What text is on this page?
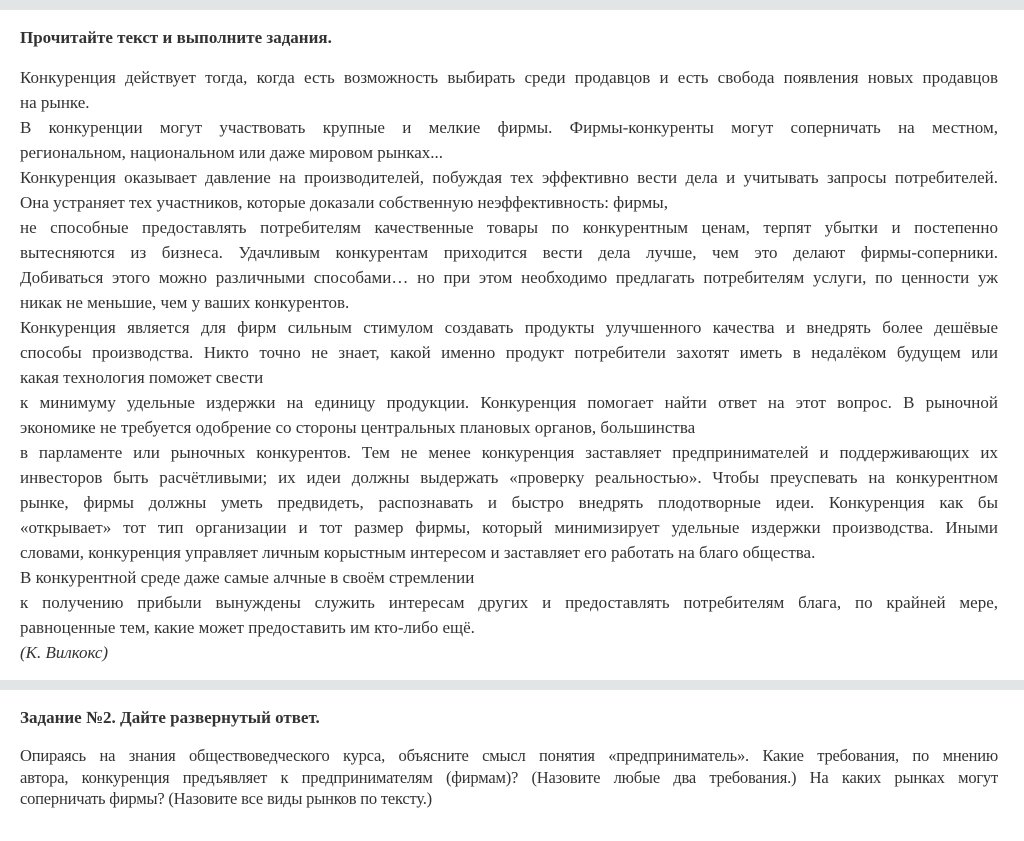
Прочитайте текст и выполните задания.
Конкуренция действует тогда, когда есть возможность выбирать среди продавцов и есть свобода появления новых продавцов
на рынке.
В конкуренции могут участвовать крупные и мелкие фирмы. Фирмы-конкуренты могут соперничать на местном,
региональном, национальном или даже мировом рынках...
Конкуренция оказывает давление на производителей, побуждая тех эффективно вести дела и учитывать запросы потребителей.
Она устраняет тех участников, которые доказали собственную неэффективность: фирмы,
не способные предоставлять потребителям качественные товары по конкурентным ценам, терпят убытки и постепенно
вытесняются из бизнеса. Удачливым конкурентам приходится вести дела лучше, чем это делают фирмы-соперники.
Добиваться этого можно различными способами… но при этом необходимо предлагать потребителям услуги, по ценности уж
никак не меньшие, чем у ваших конкурентов.
Конкуренция является для фирм сильным стимулом создавать продукты улучшенного качества и внедрять более дешёвые
способы производства. Никто точно не знает, какой именно продукт потребители захотят иметь в недалёком будущем или
какая технология поможет свести
к минимуму удельные издержки на единицу продукции. Конкуренция помогает найти ответ на этот вопрос. В рыночной
экономике не требуется одобрение со стороны центральных плановых органов, большинства
в парламенте или рыночных конкурентов. Тем не менее конкуренция заставляет предпринимателей и поддерживающих их
инвесторов быть расчётливыми; их идеи должны выдержать «проверку реальностью». Чтобы преуспевать на конкурентном
рынке, фирмы должны уметь предвидеть, распознавать и быстро внедрять плодотворные идеи. Конкуренция как бы
«открывает» тот тип организации и тот размер фирмы, который минимизирует удельные издержки производства. Иными
словами, конкуренция управляет личным корыстным интересом и заставляет его работать на благо общества.
В конкурентной среде даже самые алчные в своём стремлении
к получению прибыли вынуждены служить интересам других и предоставлять потребителям блага, по крайней мере,
равноценные тем, какие может предоставить им кто-либо ещё.
(К. Вилкокс)
Задание №2. Дайте развернутый ответ.
Опираясь на знания обществоведческого курса, объясните смысл понятия «предприниматель». Какие требования, по мнению
автора, конкуренция предъявляет к предпринимателям (фирмам)? (Назовите любые два требования.) На каких рынках могут
соперничать фирмы? (Назовите все виды рынков по тексту.)
